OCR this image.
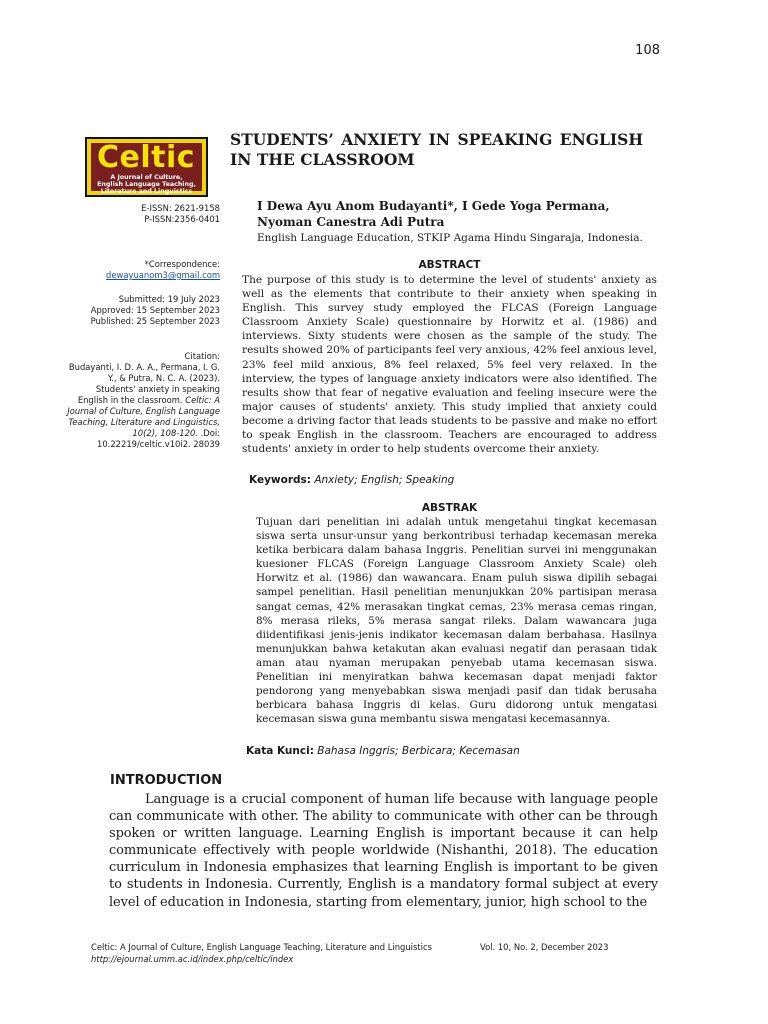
108
Celtic
A Journal of Culture,
English Language Teaching,
Literature and Linguistics
E-ISSN: 2621-9158
P-ISSN:2356-0401
*Correspondence:
dewayuanom3@gmail.com
Submitted: 19 July 2023
Approved: 15 September 2023
Published: 25 September 2023
Citation:
Budayanti, I. D. A. A., Permana, I. G.
Y., & Putra, N. C. A. (2023).
Students' anxiety in speaking
English in the classroom. Celtic: A
Journal of Culture, English Language
Teaching, Literature and Linguistics,
10(2), 108-120. .Doi:
10.22219/celtic.v10i2. 28039
STUDENTS’ ANXIETY IN SPEAKING ENGLISH IN THE CLASSROOM
I Dewa Ayu Anom Budayanti*, I Gede Yoga Permana,
Nyoman Canestra Adi Putra
English Language Education, STKIP Agama Hindu Singaraja, Indonesia.
ABSTRACT
The purpose of this study is to determine the level of students' anxiety as well as the elements that contribute to their anxiety when speaking in English. This survey study employed the FLCAS (Foreign Language Classroom Anxiety Scale) questionnaire by Horwitz et al. (1986) and interviews. Sixty students were chosen as the sample of the study. The results showed 20% of participants feel very anxious, 42% feel anxious level, 23% feel mild anxious, 8% feel relaxed, 5% feel very relaxed. In the interview, the types of language anxiety indicators were also identified. The results show that fear of negative evaluation and feeling insecure were the major causes of students' anxiety. This study implied that anxiety could become a driving factor that leads students to be passive and make no effort to speak English in the classroom. Teachers are encouraged to address students' anxiety in order to help students overcome their anxiety.
Keywords: Anxiety; English; Speaking
ABSTRAK
Tujuan dari penelitian ini adalah untuk mengetahui tingkat kecemasan siswa serta unsur-unsur yang berkontribusi terhadap kecemasan mereka ketika berbicara dalam bahasa Inggris. Penelitian survei ini menggunakan kuesioner FLCAS (Foreign Language Classroom Anxiety Scale) oleh Horwitz et al. (1986) dan wawancara. Enam puluh siswa dipilih sebagai sampel penelitian. Hasil penelitian menunjukkan 20% partisipan merasa sangat cemas, 42% merasakan tingkat cemas, 23% merasa cemas ringan, 8% merasa rileks, 5% merasa sangat rileks. Dalam wawancara juga diidentifikasi jenis-jenis indikator kecemasan dalam berbahasa. Hasilnya menunjukkan bahwa ketakutan akan evaluasi negatif dan perasaan tidak aman atau nyaman merupakan penyebab utama kecemasan siswa. Penelitian ini menyiratkan bahwa kecemasan dapat menjadi faktor pendorong yang menyebabkan siswa menjadi pasif dan tidak berusaha berbicara bahasa Inggris di kelas. Guru didorong untuk mengatasi kecemasan siswa guna membantu siswa mengatasi kecemasannya.
Kata Kunci: Bahasa Inggris; Berbicara; Kecemasan
INTRODUCTION

Language is a crucial component of human life because with language people can communicate with other. The ability to communicate with other can be through spoken or written language. Learning English is important because it can help communicate effectively with people worldwide (Nishanthi, 2018). The education curriculum in Indonesia emphasizes that learning English is important to be given to students in Indonesia. Currently, English is a mandatory formal subject at every level of education in Indonesia, starting from elementary, junior, high school to the

Celtic: A Journal of Culture, English Language Teaching, Literature and Linguistics
http://ejournal.umm.ac.id/index.php/celtic/index
Vol. 10, No. 2, December 2023
